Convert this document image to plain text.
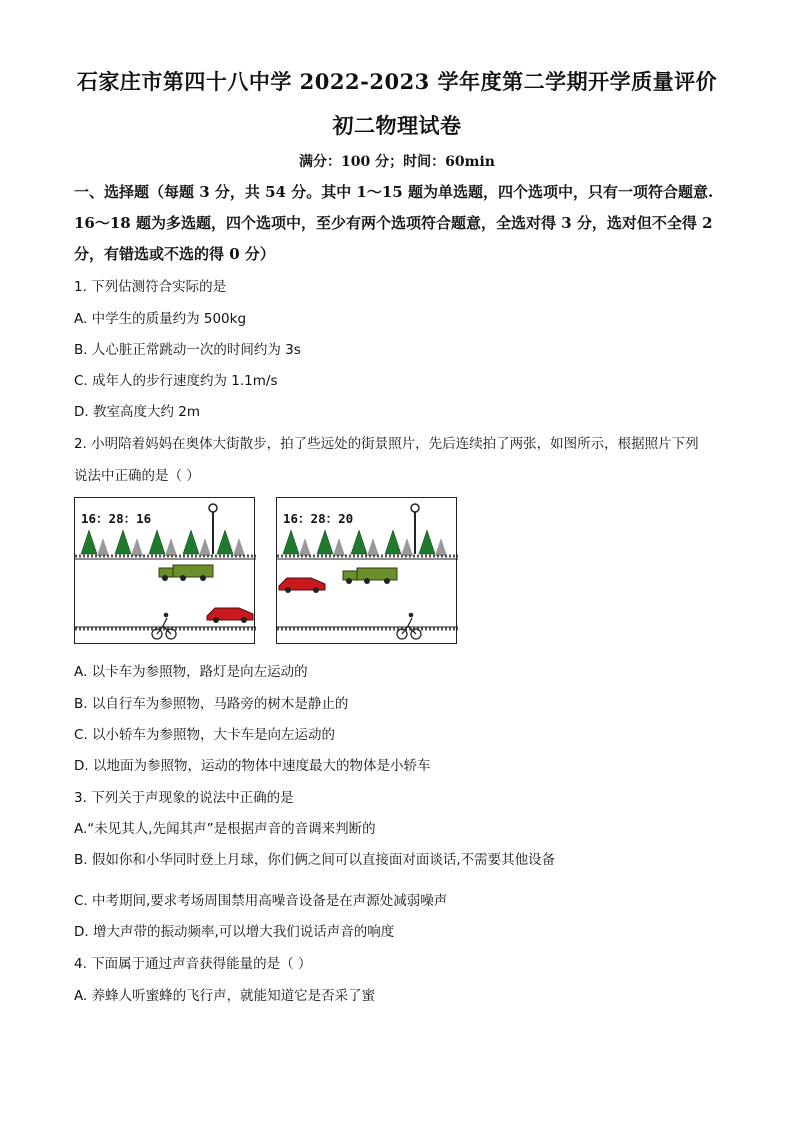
石家庄市第四十八中学 2022-2023 学年度第二学期开学质量评价
初二物理试卷
满分：100 分；时间：60min
一、选择题（每题 3 分，共 54 分。其中 1～15 题为单选题，四个选项中，只有一项符合题意. 16～18 题为多选题，四个选项中，至少有两个选项符合题意，全选对得 3 分，选对但不全得 2 分，有错选或不选的得 0 分）
1. 下列估测符合实际的是
A. 中学生的质量约为 500kg
B. 人心脏正常跳动一次的时间约为 3s
C. 成年人的步行速度约为 1.1m/s
D. 教室高度大约 2m
2. 小明陪着妈妈在奥体大街散步，拍了些远处的街景照片，先后连续拍了两张，如图所示，根据照片下列
说法中正确的是（ ）
16：28：16	16：28：20
A. 以卡车为参照物，路灯是向左运动的
B. 以自行车为参照物，马路旁的树木是静止的
C. 以小轿车为参照物，大卡车是向左运动的
D. 以地面为参照物，运动的物体中速度最大的物体是小轿车
3. 下列关于声现象的说法中正确的是
A.“未见其人,先闻其声”是根据声音的音调来判断的
B. 假如你和小华同时登上月球，你们俩之间可以直接面对面谈话,不需要其他设备
C. 中考期间,要求考场周围禁用高噪音设备是在声源处减弱噪声
D. 增大声带的振动频率,可以增大我们说话声音的响度
4. 下面属于通过声音获得能量的是（ ）
A. 养蜂人听蜜蜂的飞行声，就能知道它是否采了蜜
